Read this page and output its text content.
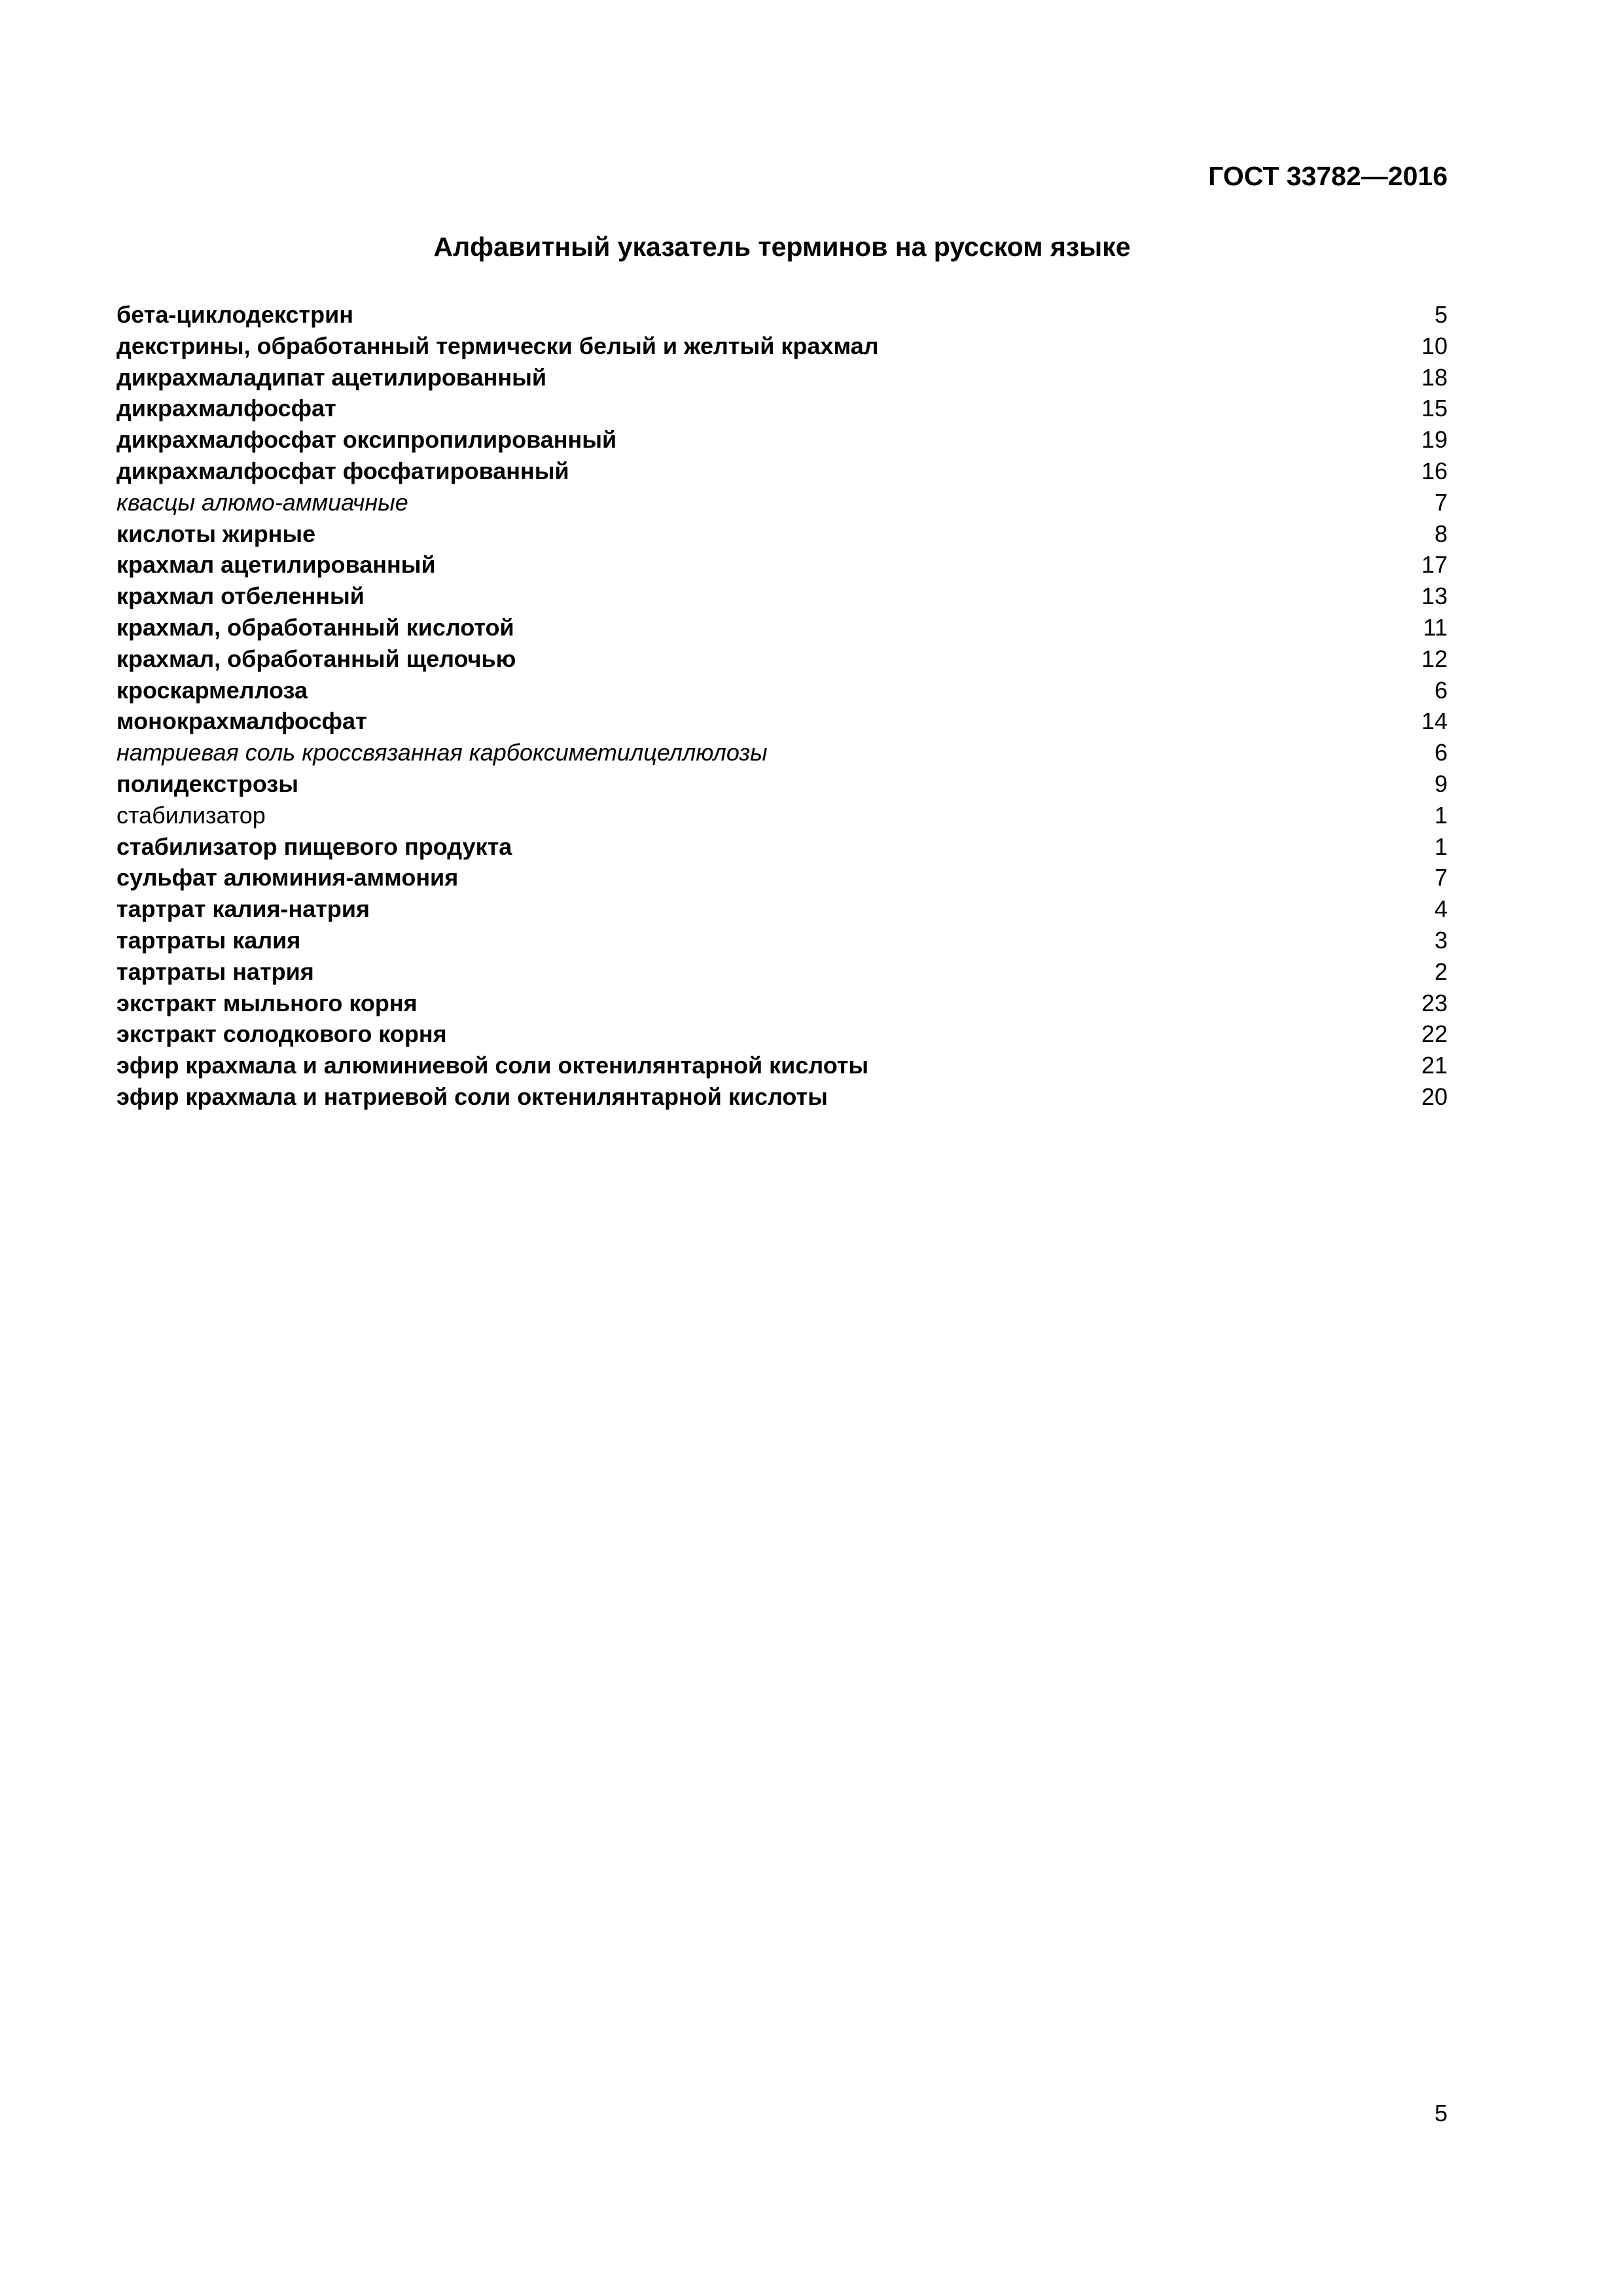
ГОСТ 33782—2016
Алфавитный указатель терминов на русском языке
бета-циклодекстрин	5
декстрины, обработанный термически белый и желтый крахмал	10
дикрахмаладипат ацетилированный	18
дикрахмалфосфат	15
дикрахмалфосфат оксипропилированный	19
дикрахмалфосфат фосфатированный	16
квасцы алюмо-аммиачные	7
кислоты жирные	8
крахмал ацетилированный	17
крахмал отбеленный	13
крахмал, обработанный кислотой	11
крахмал, обработанный щелочью	12
кроскармеллоза	6
монокрахмалфосфат	14
натриевая соль кроссвязанная карбоксиметилцеллюлозы	6
полидекстрозы	9
стабилизатор	1
стабилизатор пищевого продукта	1
сульфат алюминия-аммония	7
тартрат калия-натрия	4
тартраты калия	3
тартраты натрия	2
экстракт мыльного корня	23
экстракт солодкового корня	22
эфир крахмала и алюминиевой соли октенилянтарной кислоты	21
эфир крахмала и натриевой соли октенилянтарной кислоты	20
5
